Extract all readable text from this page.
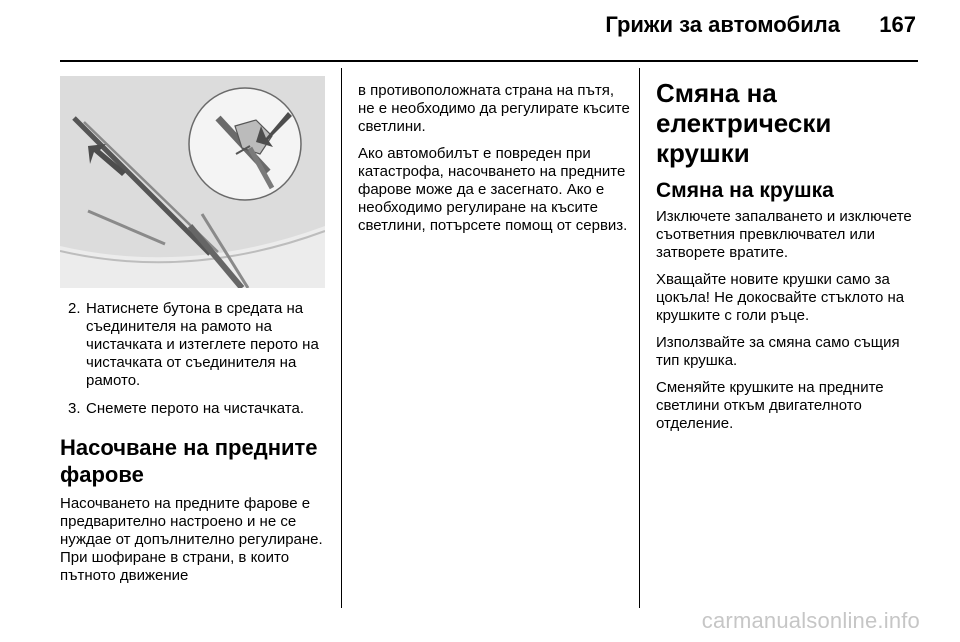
Грижи за автомобила 167
2. Натиснете бутона в средата на съединителя на рамото на чистачката и изтеглете перото на чистачката от съединителя на рамото.
3. Снемете перото на чистачката.
Насочване на предните фарове

Насочването на предните фарове е предварително настроено и не се нуждае от допълнително регулиране. При шофиране в страни, в които пътното движение

в противоположната страна на пътя, не е необходимо да регулирате късите светлини.

Ако автомобилът е повреден при катастрофа, насочването на предните фарове може да е засегнато. Ако е необходимо регулиране на късите светлини, потърсете помощ от сервиз.

Смяна на електрически крушки
Смяна на крушка

Изключете запалването и изключете съответния превключвател или затворете вратите.

Хващайте новите крушки само за цокъла! Не докосвайте стъклото на крушките с голи ръце.

Използвайте за смяна само същия тип крушка.

Сменяйте крушките на предните светлини откъм двигателното отделение.

carmanualsonline.info
